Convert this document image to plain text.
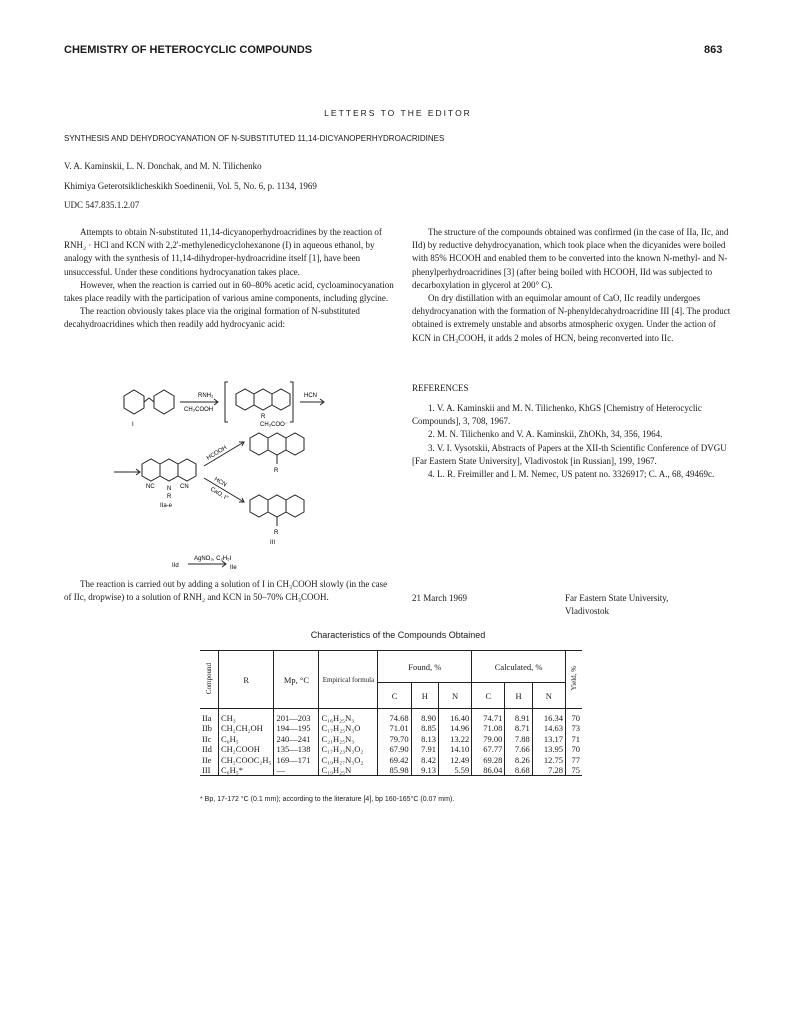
CHEMISTRY OF HETEROCYCLIC COMPOUNDS	863
LETTERS TO THE EDITOR
SYNTHESIS AND DEHYDROCYANATION OF N-SUBSTITUTED 11,14-DICYANOPERHYDROACRIDINES
V. A. Kaminskii, L. N. Donchak, and M. N. Tilichenko
Khimiya Geterotsiklicheskikh Soedinenii, Vol. 5, No. 6, p. 1134, 1969
UDC 547.835.1.2.07

Attempts to obtain N-substituted 11,14-dicyanoperhydroacridines by the reaction of RNH₂ · HCl and KCN with 2,2'-methylenedicyclohexanone (I) in aqueous ethanol, by analogy with the synthesis of 11,14-dihydroper-hydroacridine itself [1], have been unsuccessful. Under these conditions hydrocyanation takes place.

However, when the reaction is carried out in 60–80% acetic acid, cycloaminocyanation takes place readily with the participation of various amine components, including glycine.

The reaction obviously takes place via the original formation of N-substituted decahydroacridines which then readily add hydrocyanic acid:

The structure of the compounds obtained was confirmed (in the case of IIa, IIc, and IId) by reductive dehydrocyanation, which took place when the dicyanides were boiled with 85% HCOOH and enabled them to be converted into the known N-methyl- and N-phenylperhydroacridines [3] (after being boiled with HCOOH, IId was subjected to decarboxylation in glycerol at 200° C).

On dry distillation with an equimolar amount of CaO, IIc readily undergoes dehydrocyanation with the formation of N-phenyldecahydroacridine III [4]. The product obtained is extremely unstable and absorbs atmospheric oxygen. Under the action of KCN in CH₃COOH, it adds 2 moles of HCN, being reconverted into IIc.

REFERENCES

1. V. A. Kaminskii and M. N. Tilichenko, KhGS [Chemistry of Heterocyclic Compounds], 3, 708, 1967.

2. M. N. Tilichenko and V. A. Kaminskii, ZhOKh, 34, 356, 1964.

3. V. I. Vysotskii, Abstracts of Papers at the XII-th Scientific Conference of DVGU [Far Eastern State University], Vladivostok [in Russian], 199, 1967.

4. L. R. Freimiller and I. M. Nemec, US patent no. 3326917; C. A., 68, 49469c.

RNH₂
CH₃COOH
I
R
CH₃COO⁻
HCN
NC	CN
N
R
IIa-e
HCOOH
HCN
CaO, t°
R
R
III
IId
AgNO₃, C₂H₅I
IIe

The reaction is carried out by adding a solution of I in CH₃COOH slowly (in the case of IIc, dropwise) to a solution of RNH₂ and KCN in 50–70% CH₃COOH.	21 March 1969	Far Eastern State University,
Vladivostok
Characteristics of the Compounds Obtained
Compound	R	Mp, °C	Empirical formula	Found, %			Calculated, %			Yield, %
				C	H	N	C	H	N	
IIa	CH₃	201—203	C₁₆H₂₅N₃	74.68	8.90	16.40	74.71	8.91	16.34	70
IIb	CH₂CH₂OH	194—195	C₁₇H₂₅N₃O	71.01	8.85	14.96	71.08	8.71	14.63	73
IIc	C₆H₅	240—241	C₂₁H₂₅N₃	79.70	8.13	13.22	79.00	7.88	13.17	71
IId	CH₂COOH	135—138	C₁₇H₂₃N₃O₂	67.90	7.91	14.10	67.77	7.66	13.95	70
IIe	CH₂COOC₂H₅	169—171	C₁₉H₂₇N₃O₂	69.42	8.42	12.49	69.28	8.26	12.75	77
III	C₆H₅*	—	C₁₉H₂₅N	85.98	9.13	5.59	86.04	8.68	7.28	75
* Bp, 17-172 °C (0.1 mm); according to the literature [4], bp 160-165°C (0.07 mm).
